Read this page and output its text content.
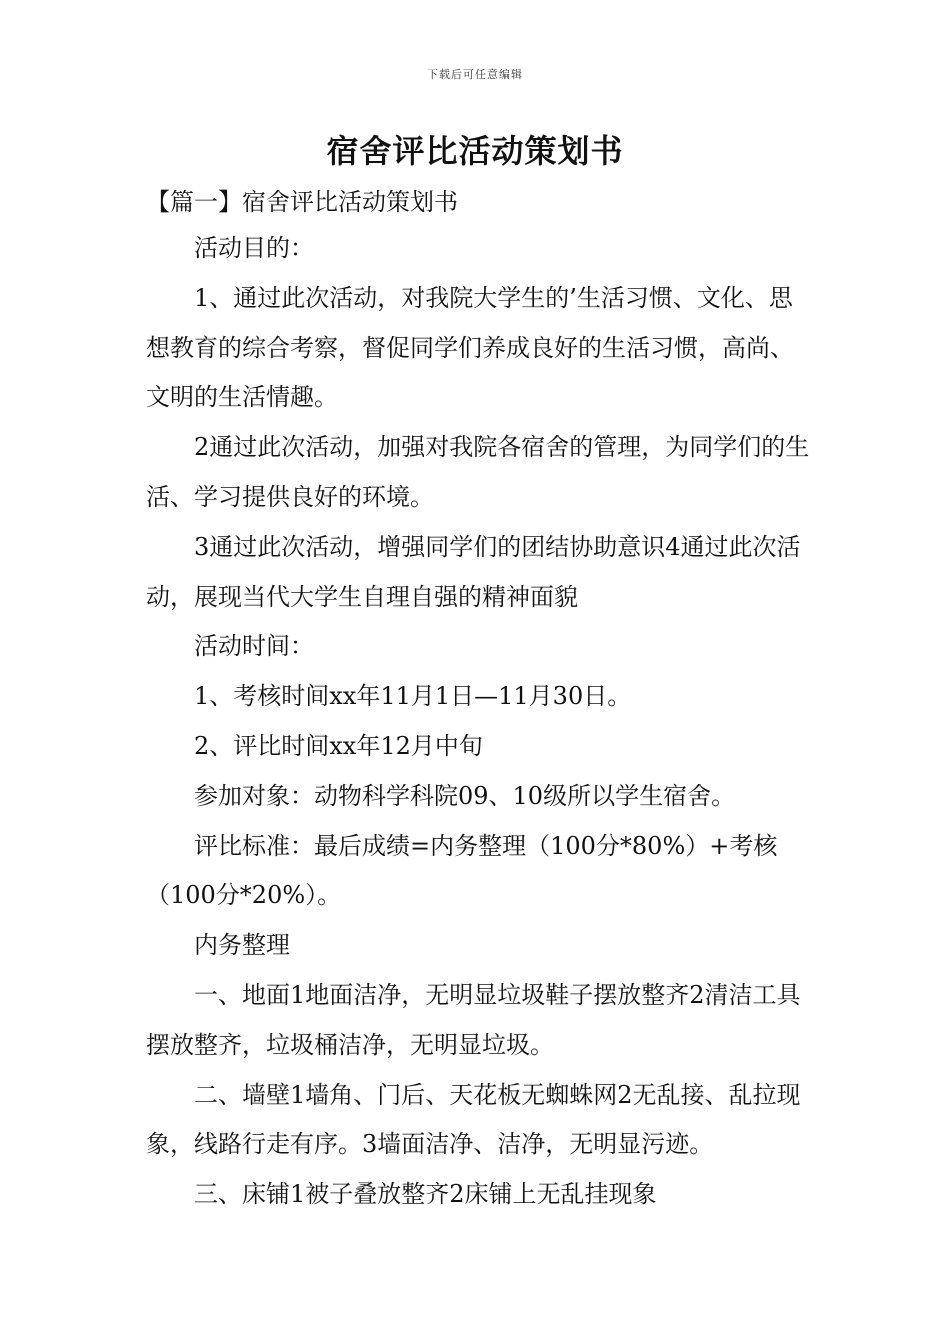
下载后可任意编辑
宿舍评比活动策划书
【篇一】宿舍评比活动策划书

活动目的：

1、通过此次活动，对我院大学生的’生活习惯、文化、思想教育的综合考察，督促同学们养成良好的生活习惯，高尚、文明的生活情趣。

2通过此次活动，加强对我院各宿舍的管理，为同学们的生活、学习提供良好的环境。

3通过此次活动，增强同学们的团结协助意识4通过此次活动，展现当代大学生自理自强的精神面貌

活动时间：

1、考核时间xx年11月1日—11月30日。

2、评比时间xx年12月中旬

参加对象：动物科学科院09、10级所以学生宿舍。

评比标准：最后成绩=内务整理（100分*80%）+考核（100分*20%）。

内务整理

一、地面1地面洁净，无明显垃圾鞋子摆放整齐2清洁工具摆放整齐，垃圾桶洁净，无明显垃圾。

二、墙壁1墙角、门后、天花板无蜘蛛网2无乱接、乱拉现象，线路行走有序。3墙面洁净、洁净，无明显污迹。

三、床铺1被子叠放整齐2床铺上无乱挂现象
